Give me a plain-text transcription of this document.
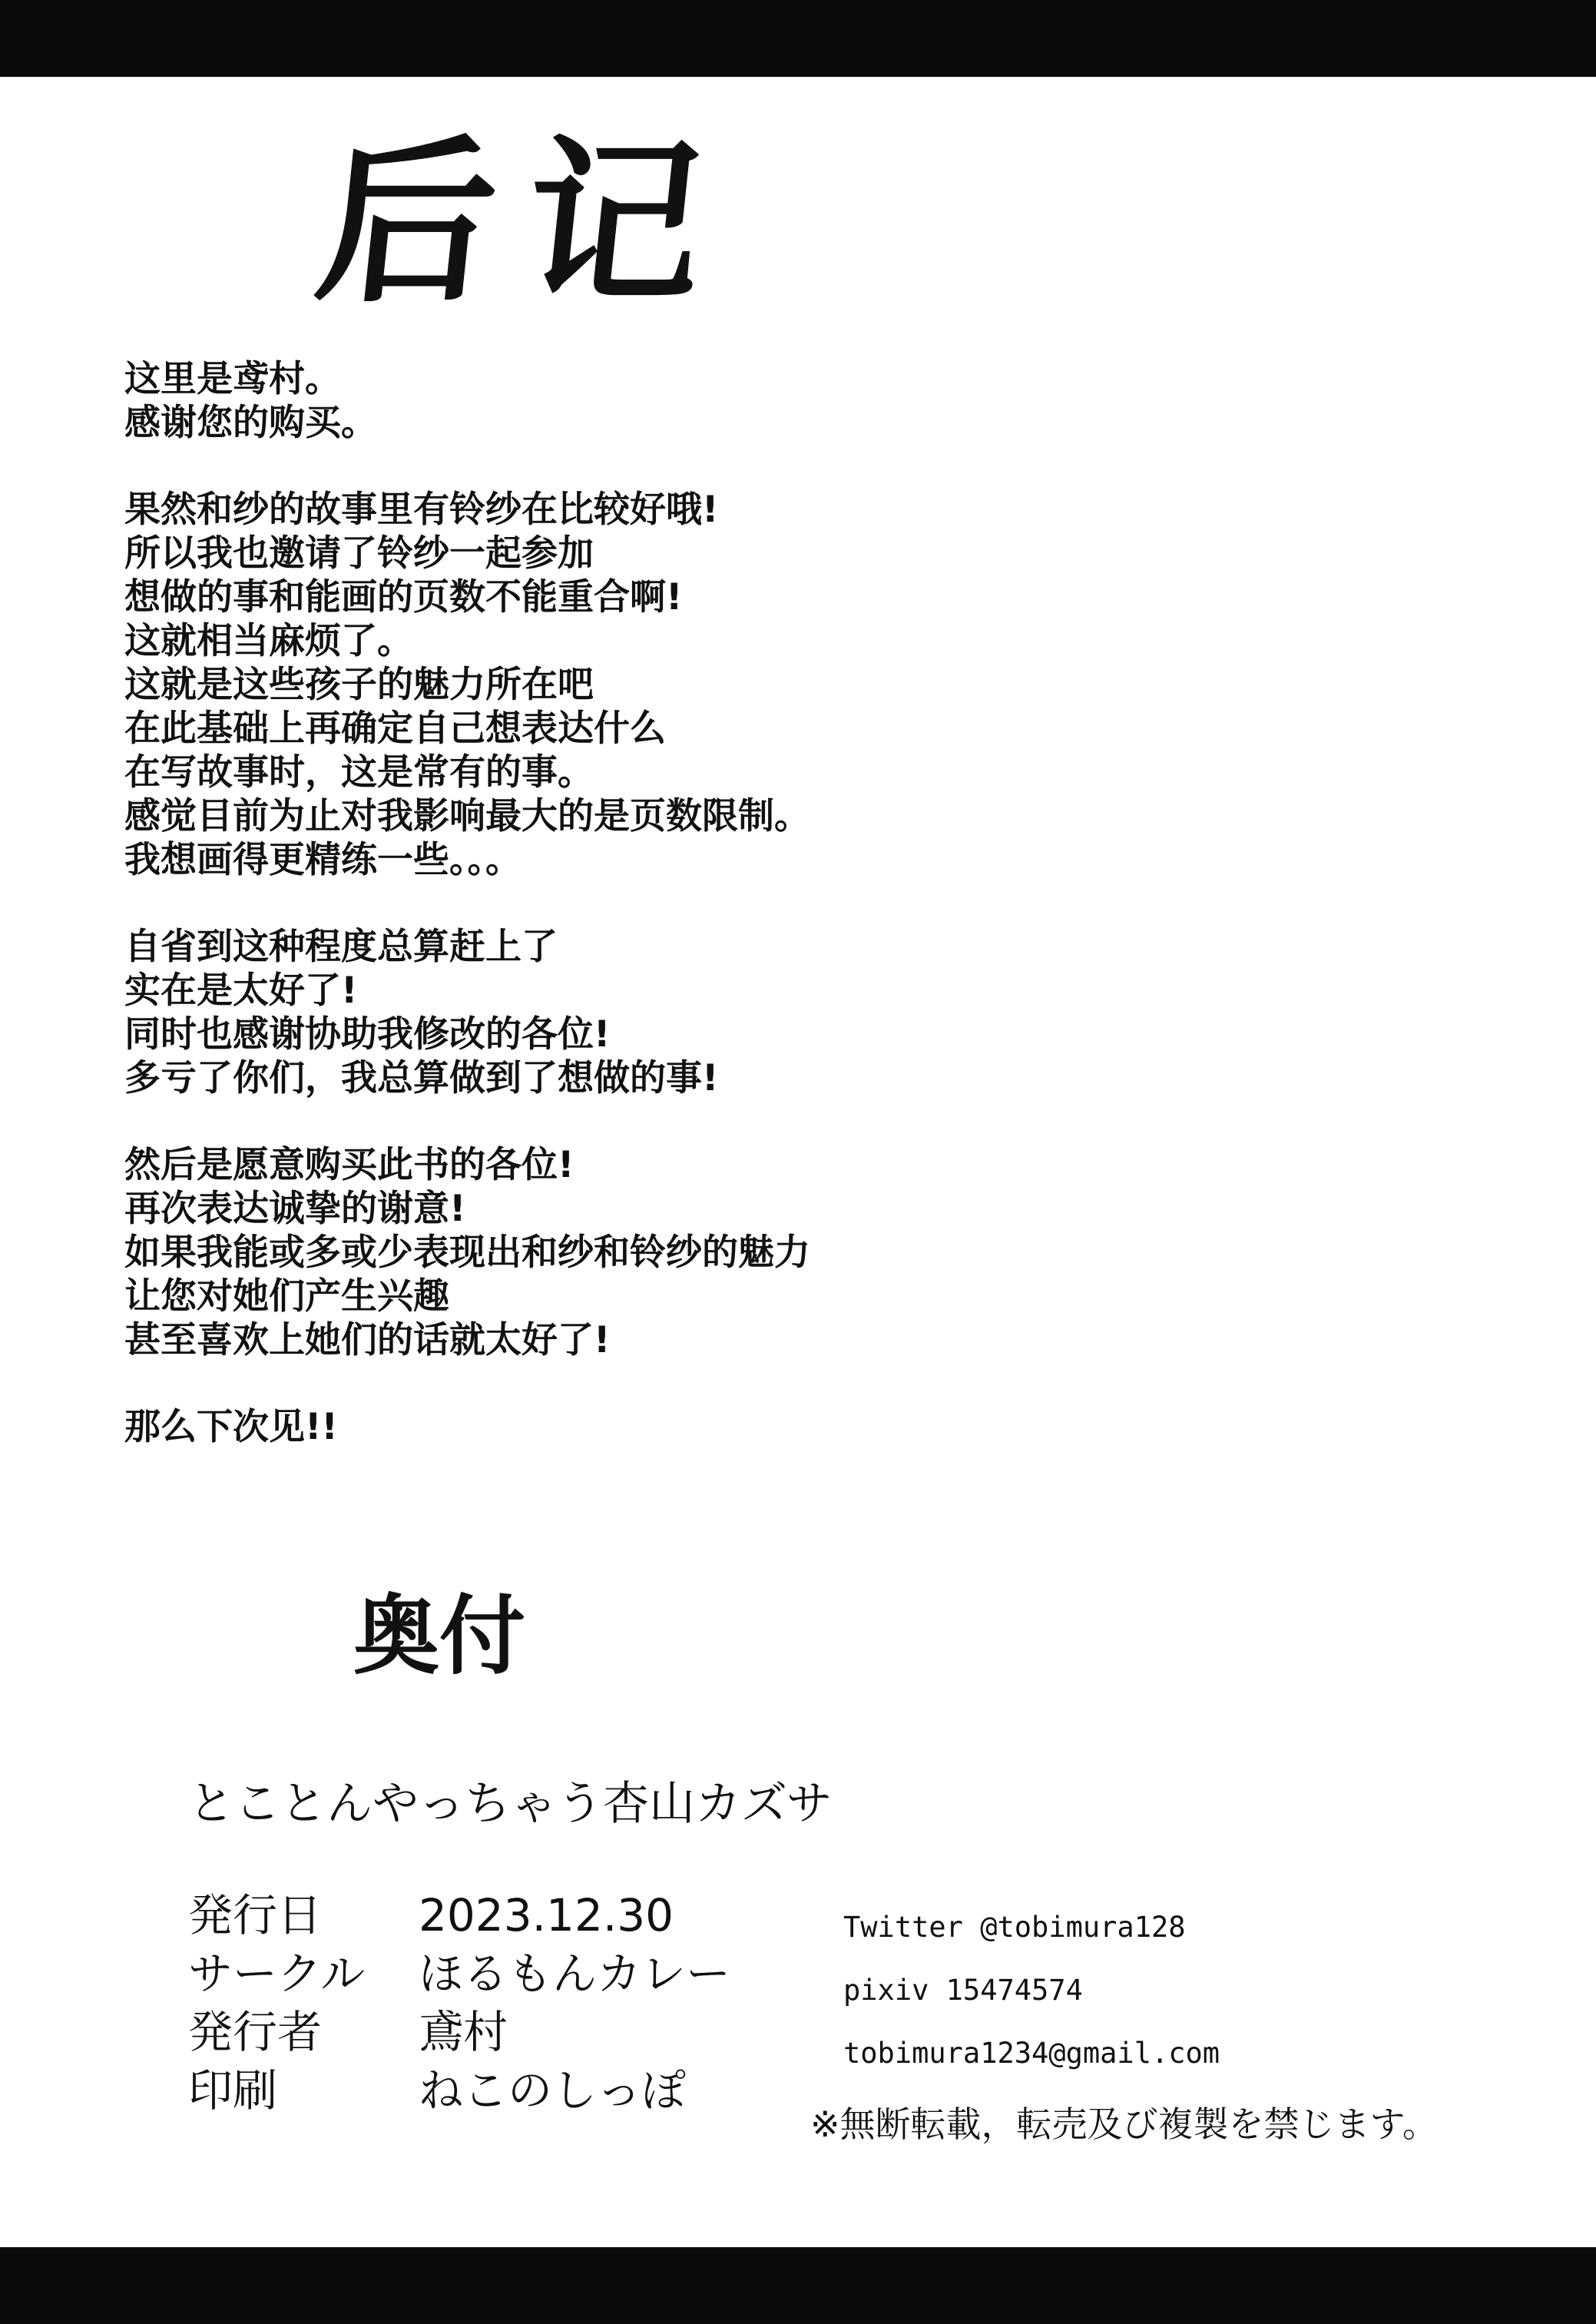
后记
这里是鸢村。
感谢您的购买。
果然和纱的故事里有铃纱在比较好哦!
所以我也邀请了铃纱一起参加
想做的事和能画的页数不能重合啊!
这就相当麻烦了。
这就是这些孩子的魅力所在吧
在此基础上再确定自己想表达什么
在写故事时，这是常有的事。
感觉目前为止对我影响最大的是页数限制。
我想画得更精练一些。。。
自省到这种程度总算赶上了
实在是太好了!
同时也感谢协助我修改的各位!
多亏了你们，我总算做到了想做的事!
然后是愿意购买此书的各位!
再次表达诚挚的谢意!
如果我能或多或少表现出和纱和铃纱的魅力
让您对她们产生兴趣
甚至喜欢上她们的话就太好了!
那么下次见!!
奥付
とことんやっちゃう杏山カズサ
発行日 2023.12.30
サークル ほるもんカレー
発行者 鳶村
印刷	ねこのしっぽ
Twitter @tobimura128
pixiv 15474574
tobimura1234@gmail.com
※無断転載，転売及び複製を禁じます。
